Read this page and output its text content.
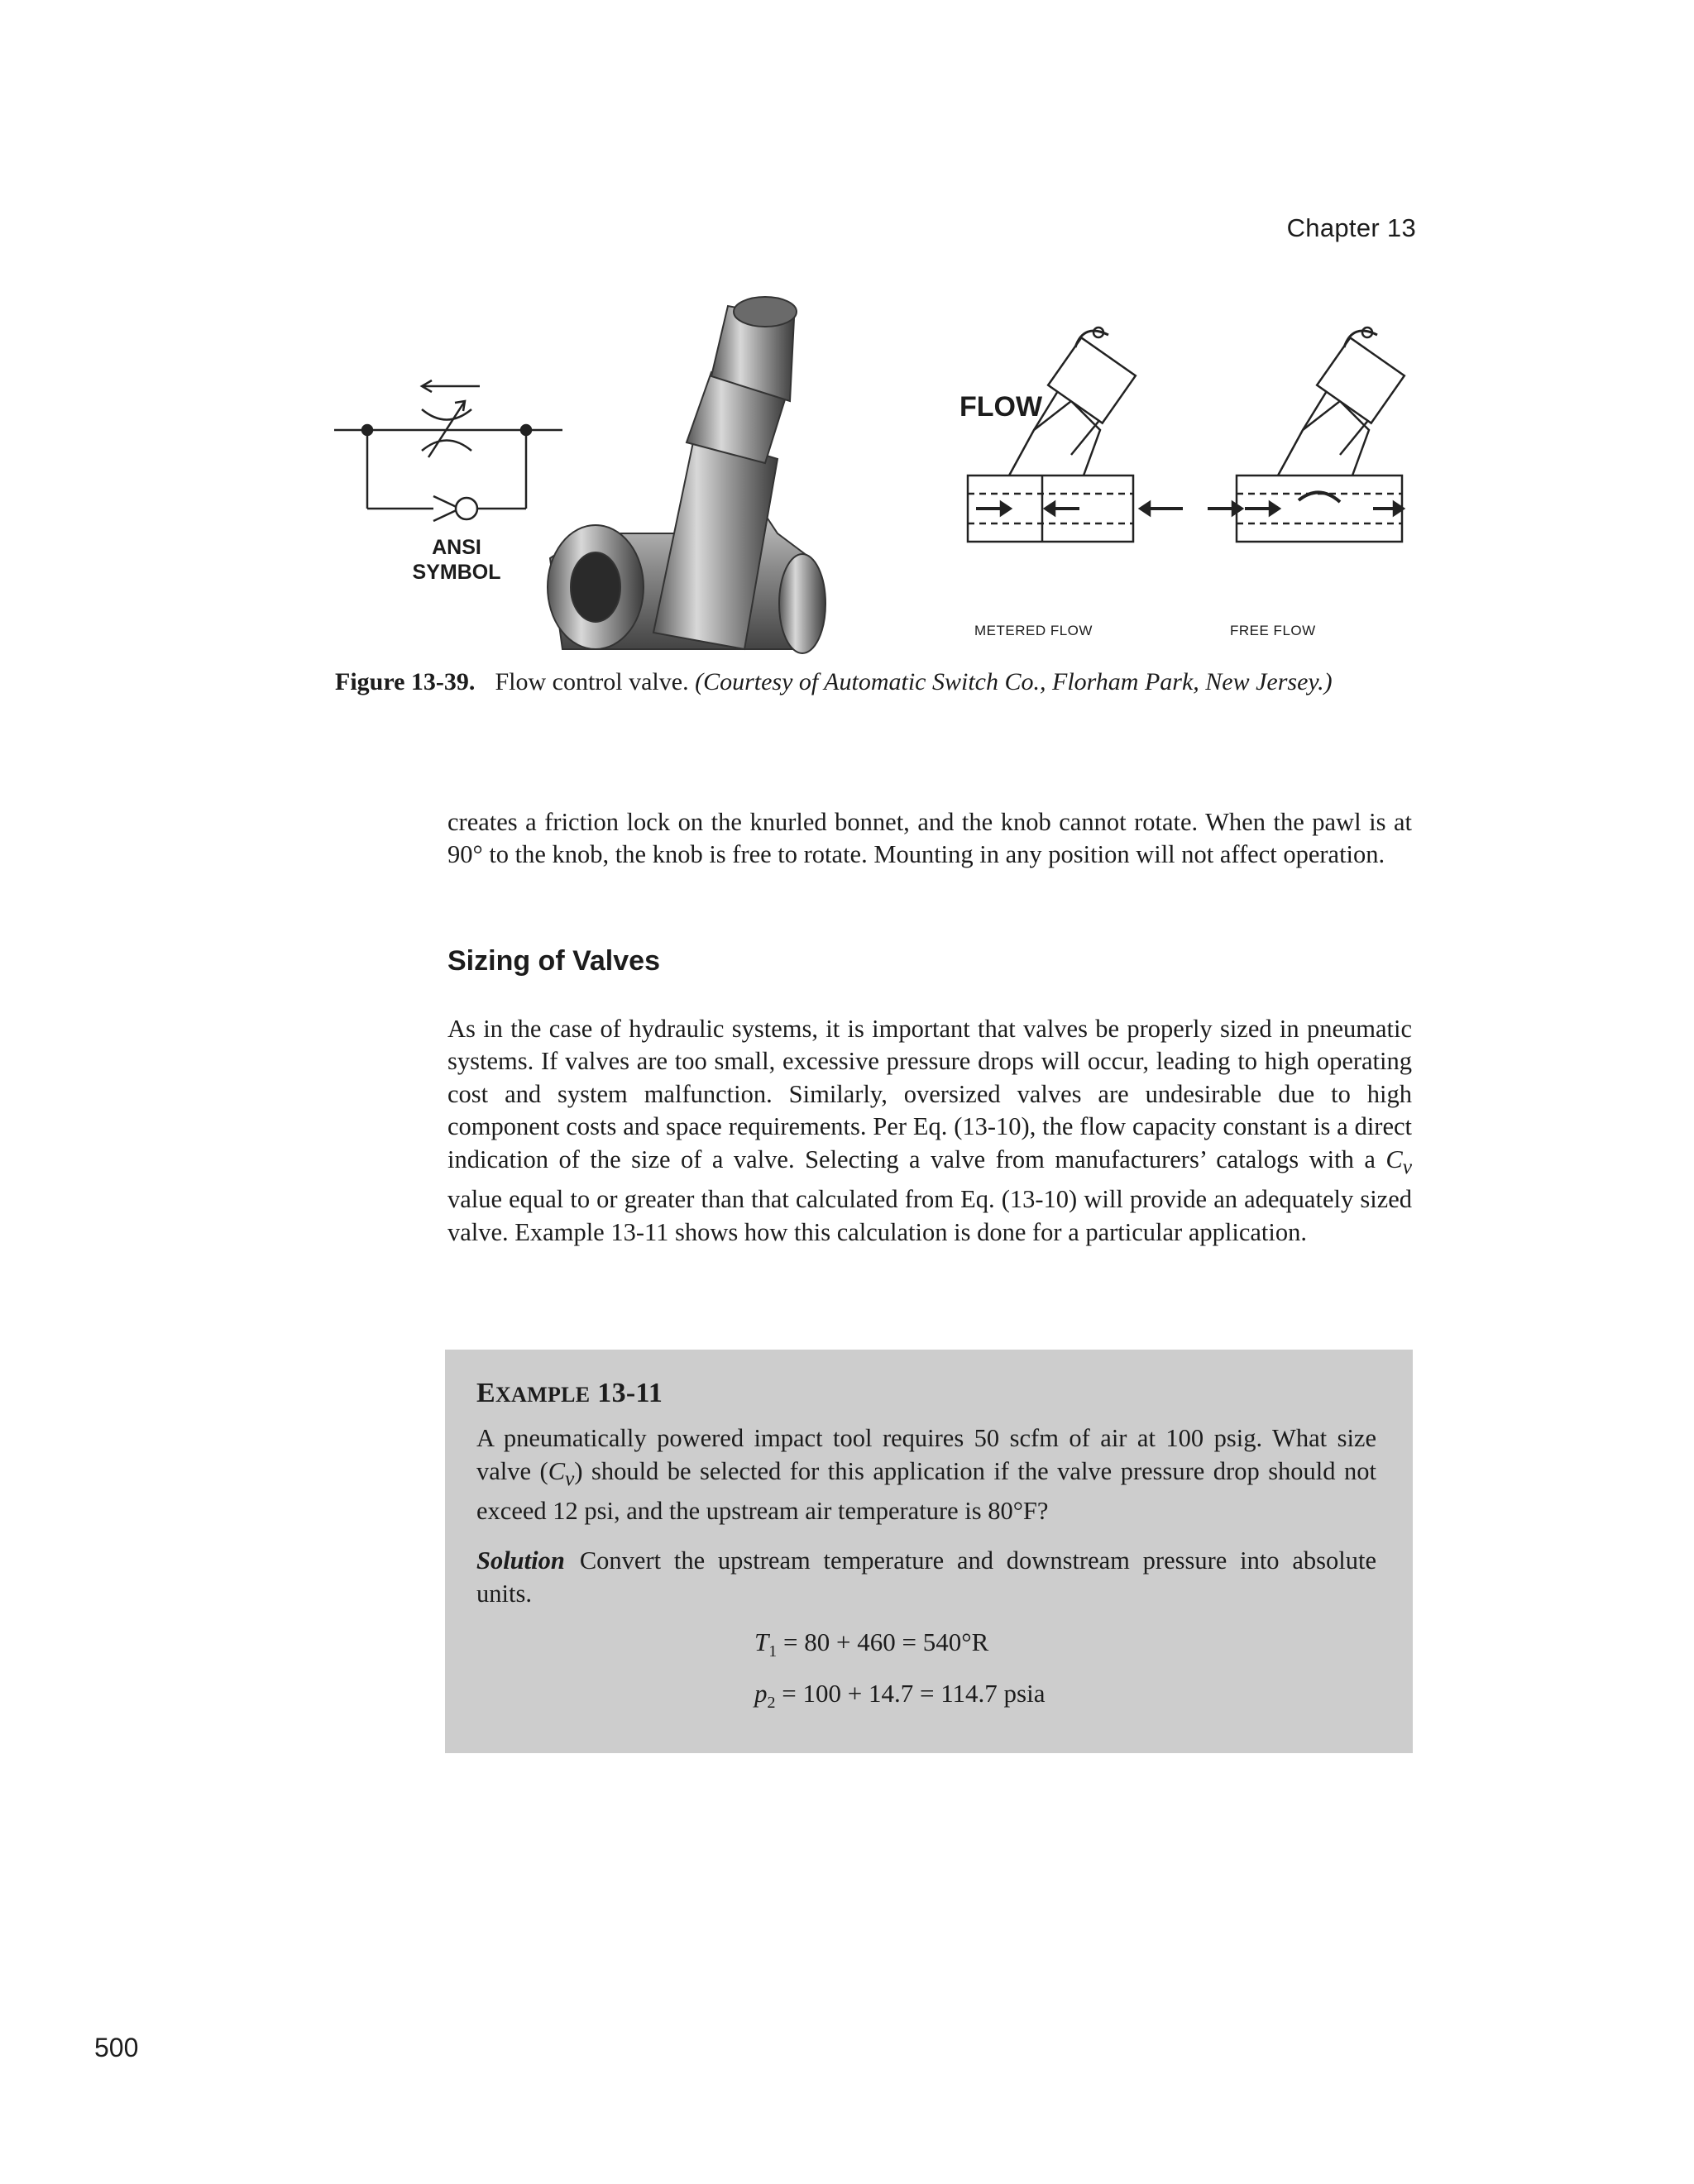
Chapter 13
ANSI
SYMBOL
FLOW
METERED FLOW	FREE FLOW
Figure 13-39. Flow control valve. (Courtesy of Automatic Switch Co., Florham Park, New Jersey.)

creates a friction lock on the knurled bonnet, and the knob cannot rotate. When the pawl is at 90° to the knob, the knob is free to rotate. Mounting in any position will not affect operation.

Sizing of Valves

As in the case of hydraulic systems, it is important that valves be properly sized in pneumatic systems. If valves are too small, excessive pressure drops will occur, leading to high operating cost and system malfunction. Similarly, oversized valves are undesirable due to high component costs and space requirements. Per Eq. (13-10), the flow capacity constant is a direct indication of the size of a valve. Selecting a valve from manufacturers’ catalogs with a $C_v$ value equal to or greater than that calculated from Eq. (13-10) will provide an adequately sized valve. Example 13-11 shows how this calculation is done for a particular application.

EXAMPLE 13-11

A pneumatically powered impact tool requires 50 scfm of air at 100 psig. What size valve $(C_v)$ should be selected for this application if the valve pressure drop should not exceed 12 psi, and the upstream air temperature is 80°F?

Solution Convert the upstream temperature and downstream pressure into absolute units.

$T_1 = 80 + 460 = 540^\circ R$
$p_2 = 100 + 14.7 = 114.7$ psia
500
